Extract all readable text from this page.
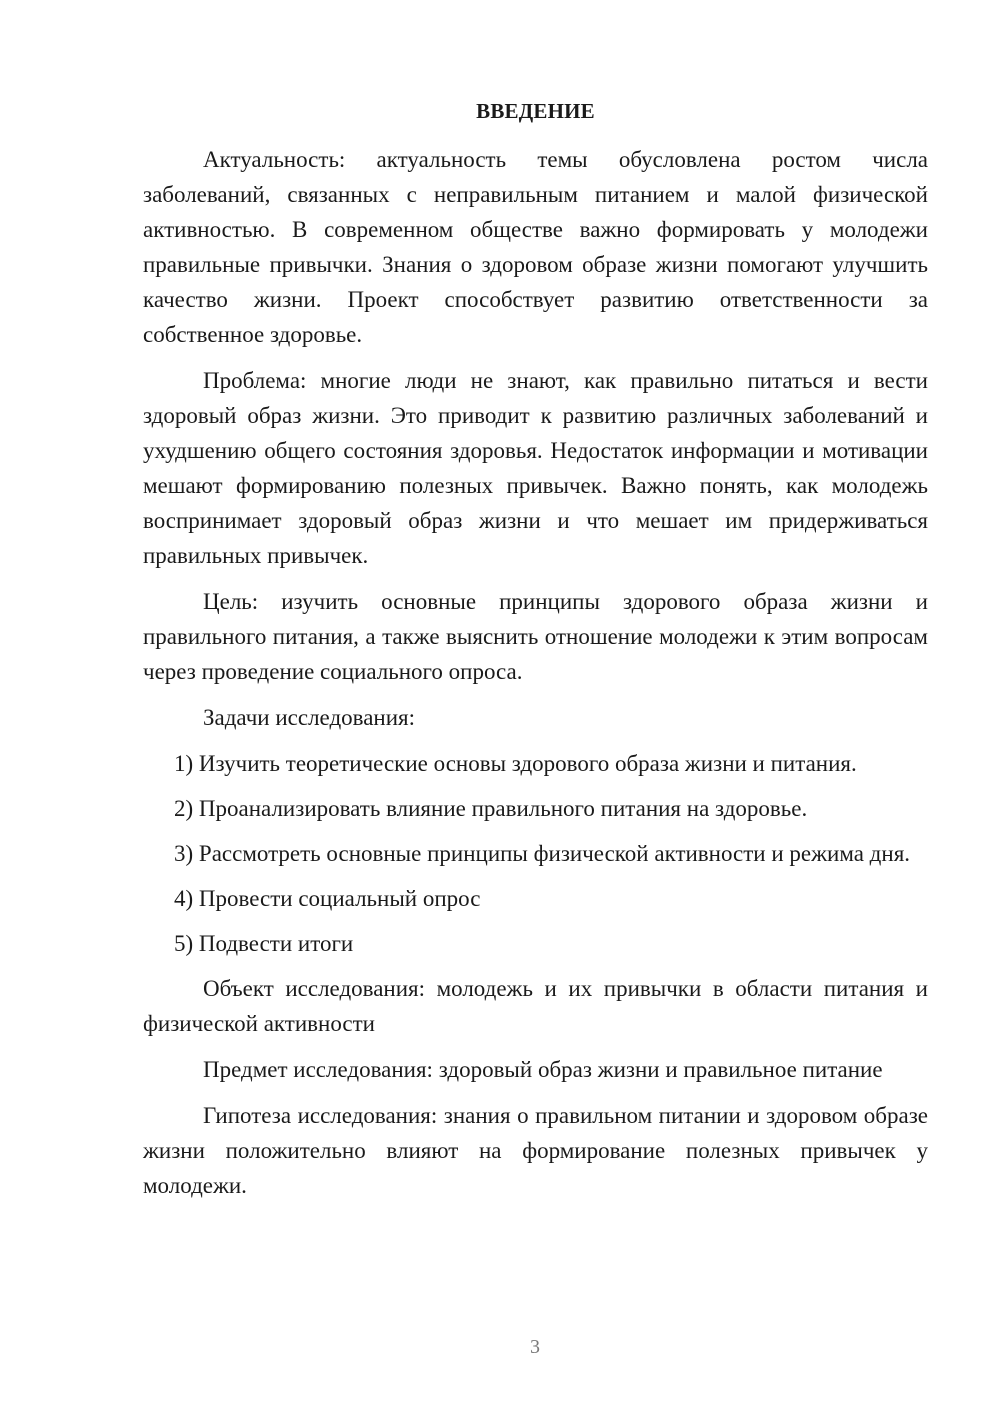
ВВЕДЕНИЕ

Актуальность: актуальность темы обусловлена ростом числа заболеваний, связанных с неправильным питанием и малой физической активностью. В современном обществе важно формировать у молодежи правильные привычки. Знания о здоровом образе жизни помогают улучшить качество жизни. Проект способствует развитию ответственности за собственное здоровье.

Проблема: многие люди не знают, как правильно питаться и вести здоровый образ жизни. Это приводит к развитию различных заболеваний и ухудшению общего состояния здоровья. Недостаток информации и мотивации мешают формированию полезных привычек. Важно понять, как молодежь воспринимает здоровый образ жизни и что мешает им придерживаться правильных привычек.

Цель: изучить основные принципы здорового образа жизни и правильного питания, а также выяснить отношение молодежи к этим вопросам через проведение социального опроса.

Задачи исследования:

1) Изучить теоретические основы здорового образа жизни и питания.

2) Проанализировать влияние правильного питания на здоровье.

3) Рассмотреть основные принципы физической активности и режима дня.

4) Провести социальный опрос

5) Подвести итоги

Объект исследования: молодежь и их привычки в области питания и физической активности

Предмет исследования: здоровый образ жизни и правильное питание

Гипотеза исследования: знания о правильном питании и здоровом образе жизни положительно влияют на формирование полезных привычек у молодежи.

3
